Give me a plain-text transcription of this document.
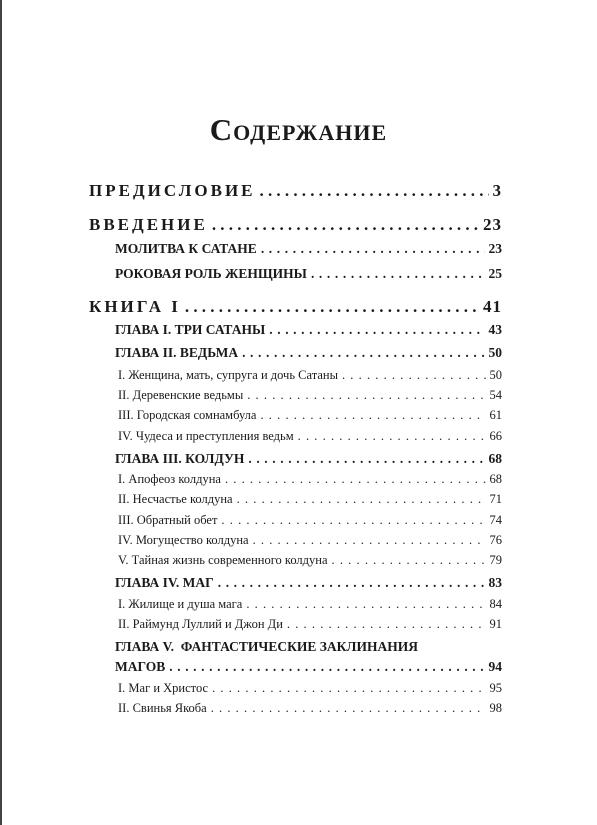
Содержание
ПРЕДИСЛОВИЕ .....	3
ВВЕДЕНИЕ .....	23
МОЛИТВА К САТАНЕ .....	23
РОКОВАЯ РОЛЬ ЖЕНЩИНЫ .....	25
КНИГА I .....	41
ГЛАВА I. ТРИ САТАНЫ .....	43
ГЛАВА II. ВЕДЬМА .....	50
I. Женщина, мать, супруга и дочь Сатаны .....	50
II. Деревенские ведьмы .....	54
III. Городская сомнамбула .....	61
IV. Чудеса и преступления ведьм .....	66
ГЛАВА III. КОЛДУН .....	68
I. Апофеоз колдуна .....	68
II. Несчастье колдуна .....	71
III. Обратный обет .....	74
IV. Могущество колдуна .....	76
V. Тайная жизнь современного колдуна .....	79
ГЛАВА IV. МАГ .....	83
I. Жилище и душа мага .....	84
II. Раймунд Луллий и Джон Ди .....	91
ГЛАВА V.  ФАНТАСТИЧЕСКИЕ ЗАКЛИНАНИЯ
МАГОВ .....	94
I. Маг и Христос .....	95
II. Свинья Якоба .....	98
